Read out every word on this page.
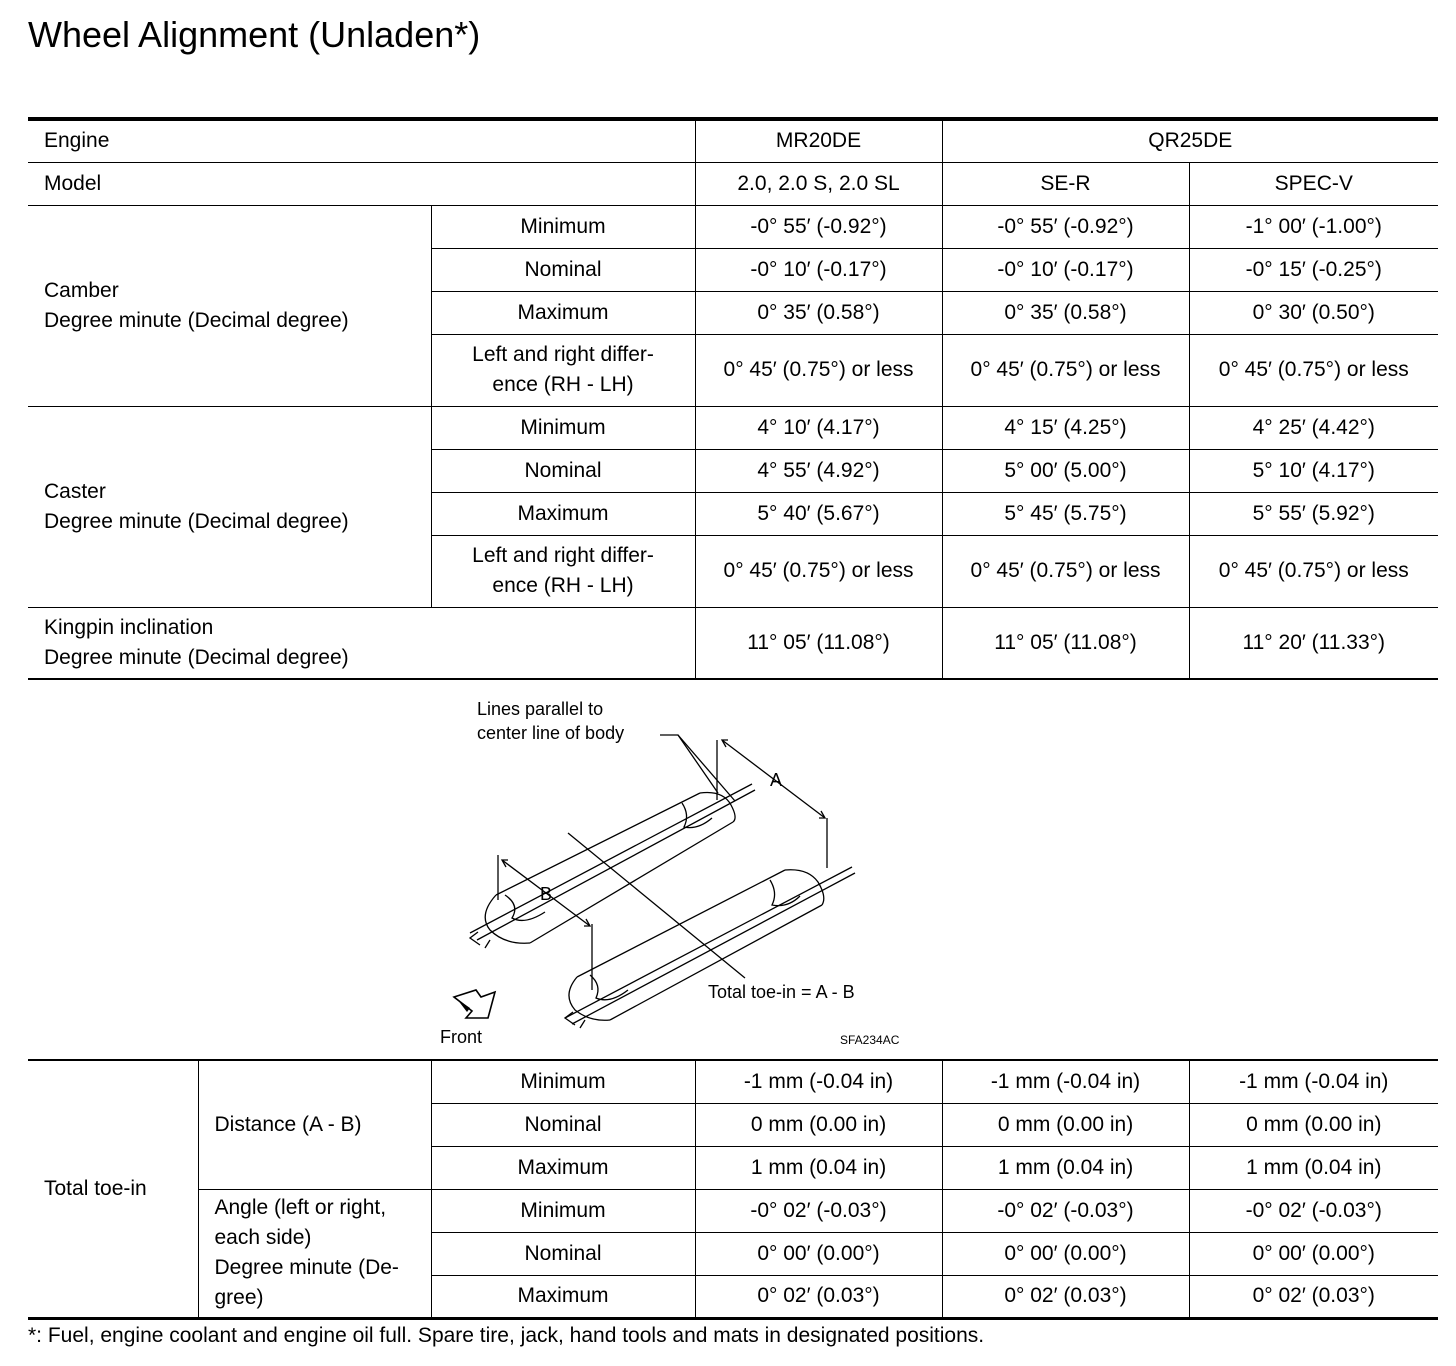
Wheel Alignment (Unladen*)
Engine		MR20DE	QR25DE	
Model		2.0, 2.0 S, 2.0 SL	SE-R	SPEC-V

Camber
Degree minute (Decimal degree)	Minimum	-0° 55′ (-0.92°)	-0° 55′ (-0.92°)	-1° 00′ (-1.00°)
	Nominal	-0° 10′ (-0.17°)	-0° 10′ (-0.17°)	-0° 15′ (-0.25°)
	Maximum	0° 35′ (0.58°)	0° 35′ (0.58°)	0° 30′ (0.50°)

	Left and right differ-
ence (RH - LH)	0° 45′ (0.75°) or less	0° 45′ (0.75°) or less	0° 45′ (0.75°) or less

Caster
Degree minute (Decimal degree)	Minimum	4° 10′ (4.17°)	4° 15′ (4.25°)	4° 25′ (4.42°)
	Nominal	4° 55′ (4.92°)	5° 00′ (5.00°)	5° 10′ (4.17°)
	Maximum	5° 40′ (5.67°)	5° 45′ (5.75°)	5° 55′ (5.92°)

	Left and right differ-
ence (RH - LH)	0° 45′ (0.75°) or less	0° 45′ (0.75°) or less	0° 45′ (0.75°) or less

Kingpin inclination
Degree minute (Decimal degree)		11° 05′ (11.08°)	11° 05′ (11.08°)	11° 20′ (11.33°)
Lines parallel to
center line of body
A
B
Total toe-in = A - B
Front	SFA234AC
Total toe-in	Distance (A - B)	Minimum	-1 mm (-0.04 in)	-1 mm (-0.04 in)	-1 mm (-0.04 in)
		Nominal	0 mm (0.00 in)	0 mm (0.00 in)	0 mm (0.00 in)
		Maximum	1 mm (0.04 in)	1 mm (0.04 in)	1 mm (0.04 in)

	Angle (left or right,
each side)
Degree minute (De-
gree)	Minimum	-0° 02′ (-0.03°)	-0° 02′ (-0.03°)	-0° 02′ (-0.03°)
		Nominal	0° 00′ (0.00°)	0° 00′ (0.00°)	0° 00′ (0.00°)
		Maximum	0° 02′ (0.03°)	0° 02′ (0.03°)	0° 02′ (0.03°)
*: Fuel, engine coolant and engine oil full. Spare tire, jack, hand tools and mats in designated positions.
